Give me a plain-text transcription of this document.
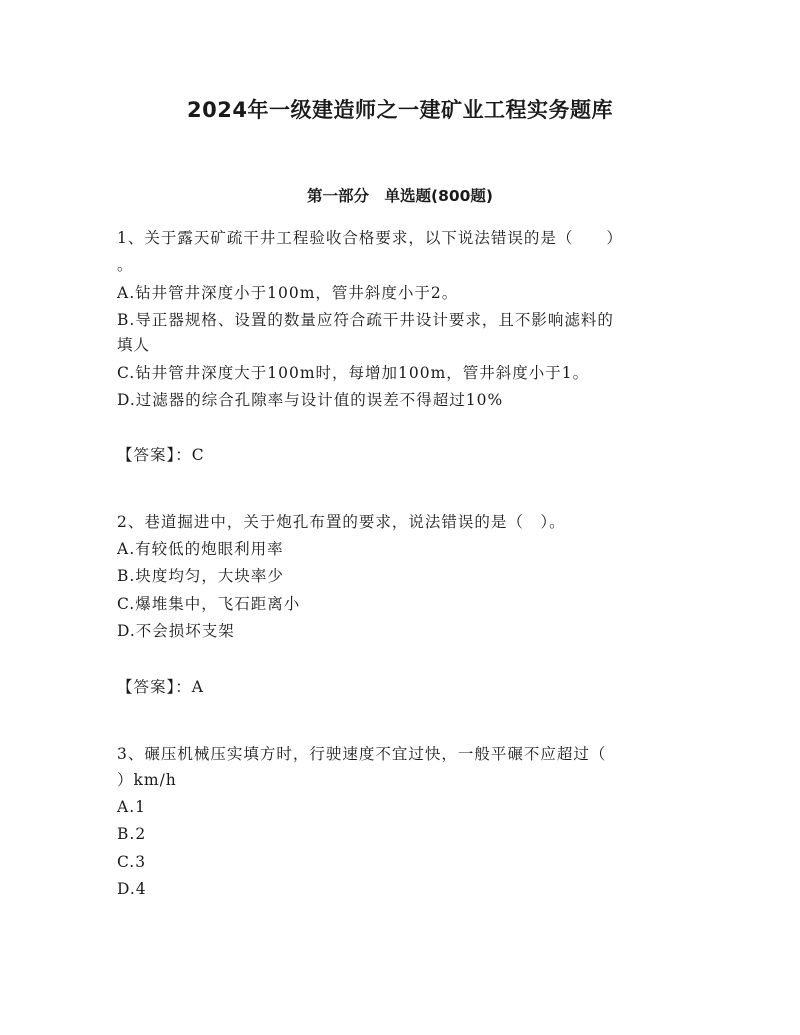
2024年一级建造师之一建矿业工程实务题库
第一部分　单选题(800题)
1、关于露天矿疏干井工程验收合格要求，以下说法错误的是（　　）
。
A.钻井管井深度小于100m，管井斜度小于2。
B.导正器规格、设置的数量应符合疏干井设计要求，且不影响滤料的
填人
C.钻井管井深度大于100m时，每增加100m，管井斜度小于1。
D.过滤器的综合孔隙率与设计值的误差不得超过10%
【答案】：C
2、巷道掘进中，关于炮孔布置的要求，说法错误的是（　）。
A.有较低的炮眼利用率
B.块度均匀，大块率少
C.爆堆集中，飞石距离小
D.不会损坏支架
【答案】：A
3、碾压机械压实填方时，行驶速度不宜过快，一般平碾不应超过（
）km/h
A.1
B.2
C.3
D.4
